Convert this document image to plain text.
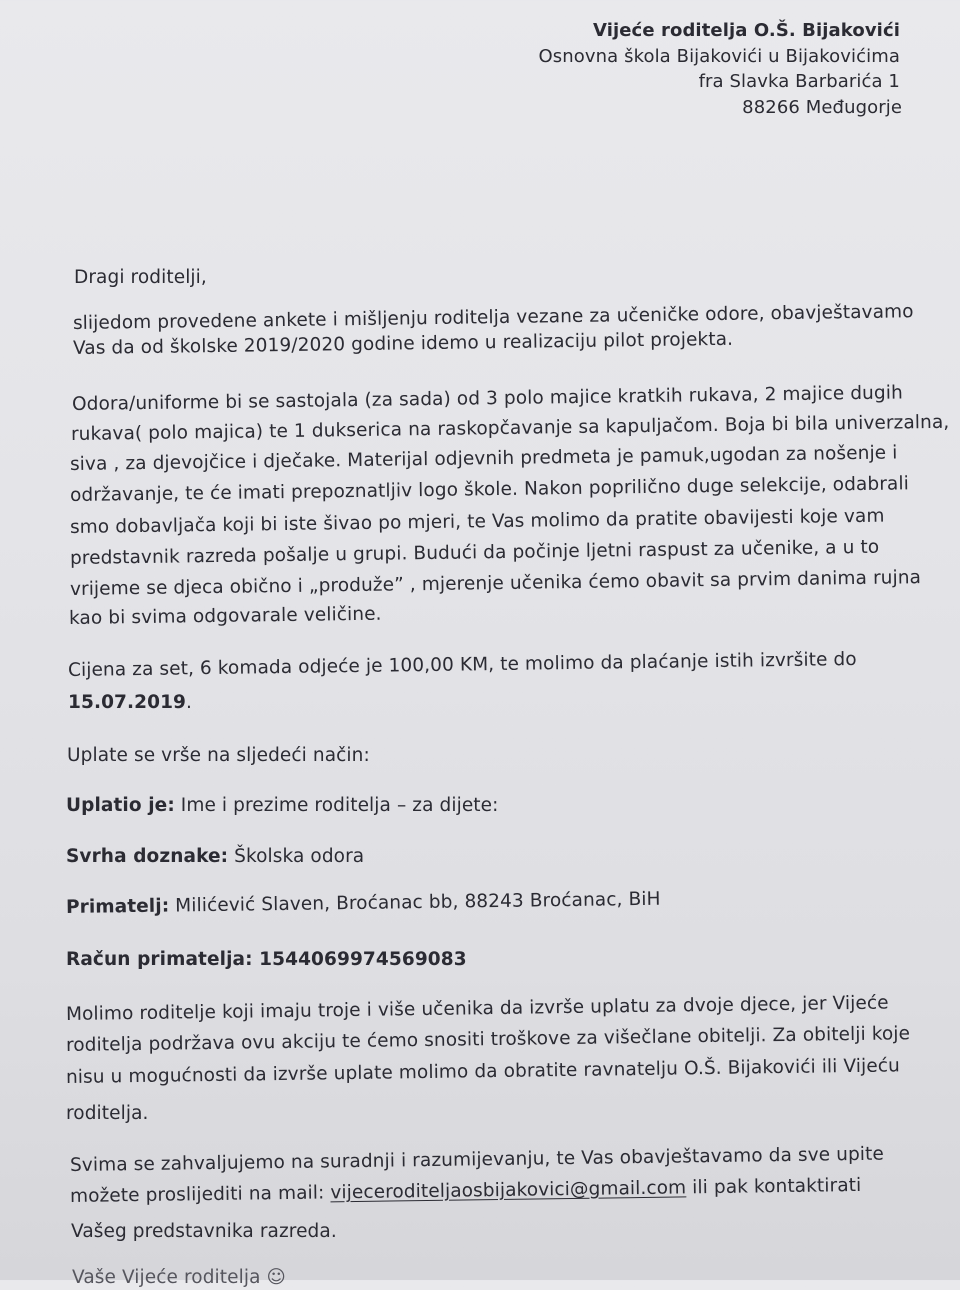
Vijeće roditelja O.Š. Bijakovići
Osnovna škola Bijakovići u Bijakovićima
fra Slavka Barbarića 1
88266 Međugorje
Dragi roditelji,
slijedom provedene ankete i mišljenju roditelja vezane za učeničke odore, obavještavamo
Vas da od školske 2019/2020 godine idemo u realizaciju pilot projekta.
Odora/uniforme bi se sastojala (za sada) od 3 polo majice kratkih rukava, 2 majice dugih
rukava( polo majica) te 1 dukserica na raskopčavanje sa kapuljačom. Boja bi bila univerzalna,
siva , za djevojčice i dječake. Materijal odjevnih predmeta je pamuk,ugodan za nošenje i
održavanje, te će imati prepoznatljiv logo škole. Nakon poprilično duge selekcije, odabrali
smo dobavljača koji bi iste šivao po mjeri, te Vas molimo da pratite obavijesti koje vam
predstavnik razreda pošalje u grupi. Budući da počinje ljetni raspust za učenike, a u to
vrijeme se djeca obično i „produže” , mjerenje učenika ćemo obavit sa prvim danima rujna
kao bi svima odgovarale veličine.
Cijena za set, 6 komada odjeće je 100,00 KM, te molimo da plaćanje istih izvršite do
15.07.2019.
Uplate se vrše na sljedeći način:
Uplatio je: Ime i prezime roditelja – za dijete:
Svrha doznake: Školska odora
Primatelj: Milićević Slaven, Broćanac bb, 88243 Broćanac, BiH
Račun primatelja: 1544069974569083
Molimo roditelje koji imaju troje i više učenika da izvrše uplatu za dvoje djece, jer Vijeće
roditelja podržava ovu akciju te ćemo snositi troškove za višečlane obitelji. Za obitelji koje
nisu u mogućnosti da izvrše uplate molimo da obratite ravnatelju O.Š. Bijakovići ili Vijeću
roditelja.
Svima se zahvaljujemo na suradnji i razumijevanju, te Vas obavještavamo da sve upite
možete proslijediti na mail: vijeceroditeljaosbijakovici@gmail.com ili pak kontaktirati
Vašeg predstavnika razreda.
Vaše Vijeće roditelja ☺
